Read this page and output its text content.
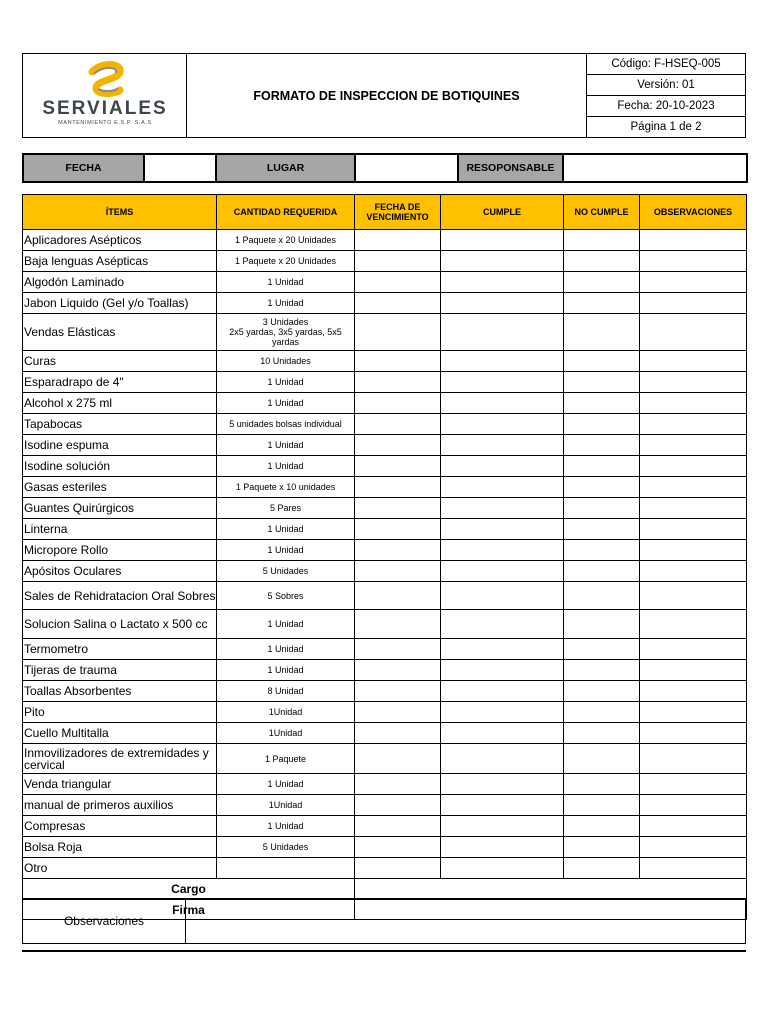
SERVIALES
MANTENIMIENTO E.S.P. S.A.S
	FORMATO DE INSPECCION DE BOTIQUINES	Código: F-HSEQ-005
Versión: 01
Fecha: 20-10-2023
Página 1 de 2
FECHA		LUGAR		RESOPONSABLE	
ÍTEMS	CANTIDAD REQUERIDA	FECHA DE VENCIMIENTO	CUMPLE	NO CUMPLE	OBSERVACIONES
Aplicadores Asépticos	1 Paquete x 20 Unidades				
Baja lenguas Asépticas	1 Paquete x 20 Unidades				
Algodón Laminado	1 Unidad				
Jabon Liquido (Gel y/o Toallas)	1 Unidad				
Vendas Elásticas	3 Unidades
2x5 yardas, 3x5 yardas, 5x5 yardas				
Curas	10 Unidades				
Esparadrapo de 4"	1 Unidad				
Alcohol x 275 ml	1 Unidad				
Tapabocas	5 unidades bolsas individual				
Isodine espuma	1 Unidad				
Isodine solución	1 Unidad				
Gasas esteriles	1 Paquete x 10 unidades				
Guantes Quirúrgicos	5 Pares				
Linterna	1 Unidad				
Micropore Rollo	1 Unidad				
Apósitos Oculares	5 Unidades				
Sales de Rehidratacion Oral Sobres	5 Sobres				
Solucion Salina o Lactato x 500 cc	1 Unidad				
Termometro	1 Unidad				
Tijeras de trauma	1 Unidad				
Toallas Absorbentes	8 Unidad				
Pito	1Unidad				
Cuello Multitalla	1Unidad				
Inmovilizadores de extremidades y cervical	1 Paquete				
Venda triangular	1 Unidad				
manual de primeros auxilios	1Unidad				
Compresas	1 Unidad				
Bolsa Roja	5 Unidades				
Otro					
Cargo					
Firma					
Observaciones	
